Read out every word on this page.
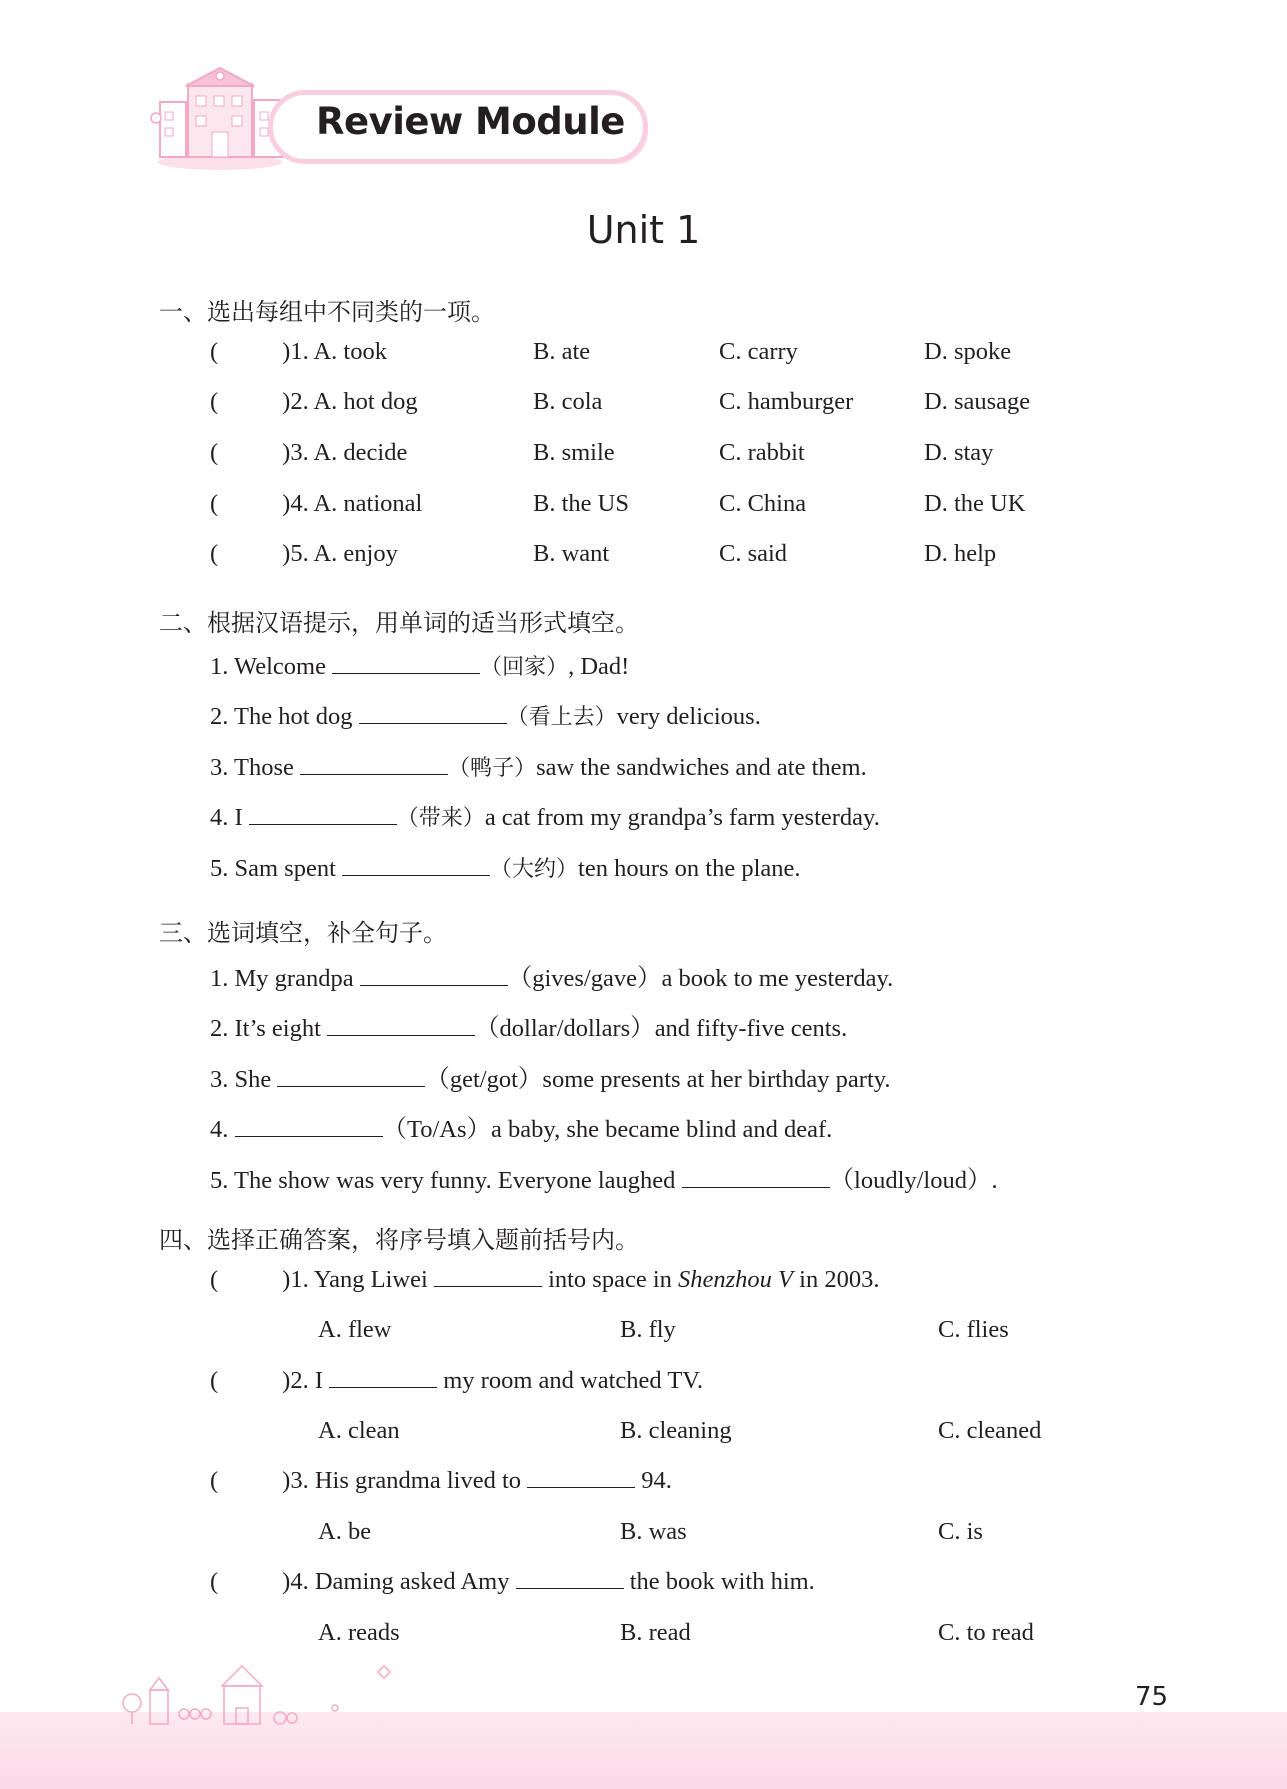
Review Module
Unit 1
一、选出每组中不同类的一项。
(	)1. A. took	B. ate	C. carry	D. spoke
(	)2. A. hot dog	B. cola	C. hamburger	D. sausage
(	)3. A. decide	B. smile	C. rabbit	D. stay
(	)4. A. national	B. the US	C. China	D. the UK
(	)5. A. enjoy	B. want	C. said	D. help
二、根据汉语提示，用单词的适当形式填空。
1. Welcome	（回家）, Dad!
2. The hot dog	（看上去）very delicious.
3. Those	（鸭子）saw the sandwiches and ate them.
4. I	（带来）a cat from my grandpa’s farm yesterday.
5. Sam spent	（大约）ten hours on the plane.
三、选词填空，补全句子。
1. My grandpa	（gives/gave）a book to me yesterday.
2. It’s eight	（dollar/dollars）and fifty-five cents.
3. She	（get/got）some presents at her birthday party.
4.	（To/As）a baby, she became blind and deaf.
5. The show was very funny. Everyone laughed	（loudly/loud）.
四、选择正确答案，将序号填入题前括号内。
(	)1. Yang Liwei	into space in Shenzhou V in 2003.
A. flew	B. fly	C. flies
(	)2. I	my room and watched TV.
A. clean	B. cleaning	C. cleaned
(	)3. His grandma lived to	94.
A. be	B. was	C. is
(	)4. Daming asked Amy	the book with him.
A. reads	B. read	C. to read
75
